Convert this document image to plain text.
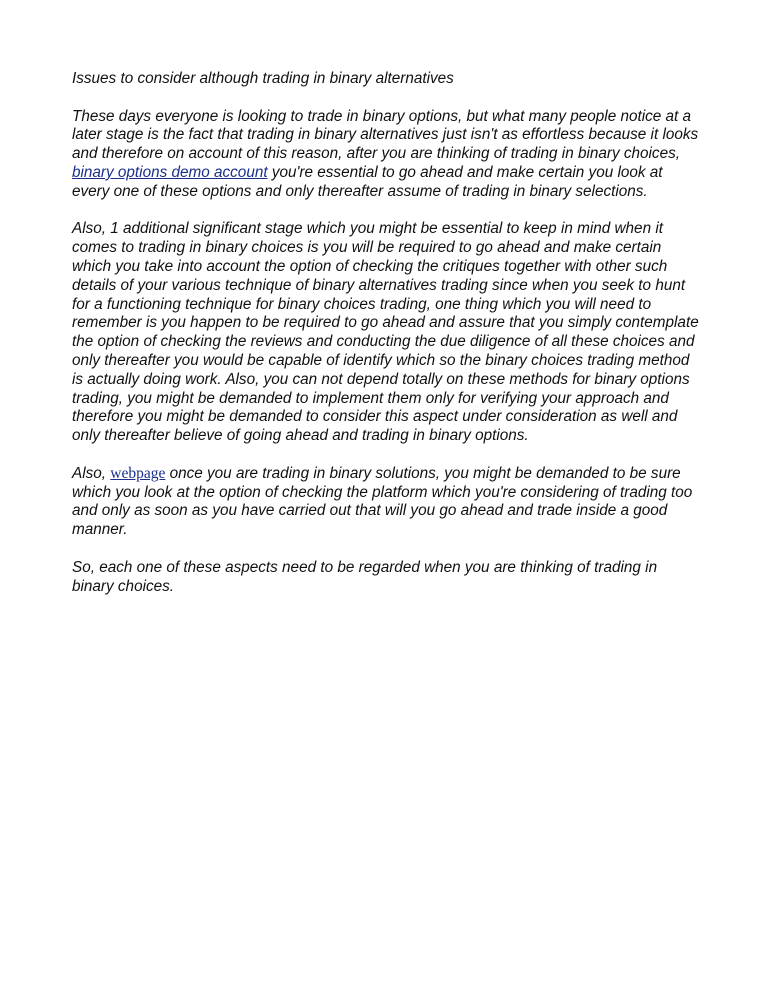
Issues to consider although trading in binary alternatives

These days everyone is looking to trade in binary options, but what many people notice at a later stage is the fact that trading in binary alternatives just isn't as effortless because it looks and therefore on account of this reason, after you are thinking of trading in binary choices, binary options demo account you're essential to go ahead and make certain you look at every one of these options and only thereafter assume of trading in binary selections.

Also, 1 additional significant stage which you might be essential to keep in mind when it comes to trading in binary choices is you will be required to go ahead and make certain which you take into account the option of checking the critiques together with other such details of your various technique of binary alternatives trading since when you seek to hunt for a functioning technique for binary choices trading, one thing which you will need to remember is you happen to be required to go ahead and assure that you simply contemplate the option of checking the reviews and conducting the due diligence of all these choices and only thereafter you would be capable of identify which so the binary choices trading method is actually doing work. Also, you can not depend totally on these methods for binary options trading, you might be demanded to implement them only for verifying your approach and therefore you might be demanded to consider this aspect under consideration as well and only thereafter believe of going ahead and trading in binary options.

Also, webpage once you are trading in binary solutions, you might be demanded to be sure which you look at the option of checking the platform which you're considering of trading too and only as soon as you have carried out that will you go ahead and trade inside a good manner.

So, each one of these aspects need to be regarded when you are thinking of trading in binary choices.
